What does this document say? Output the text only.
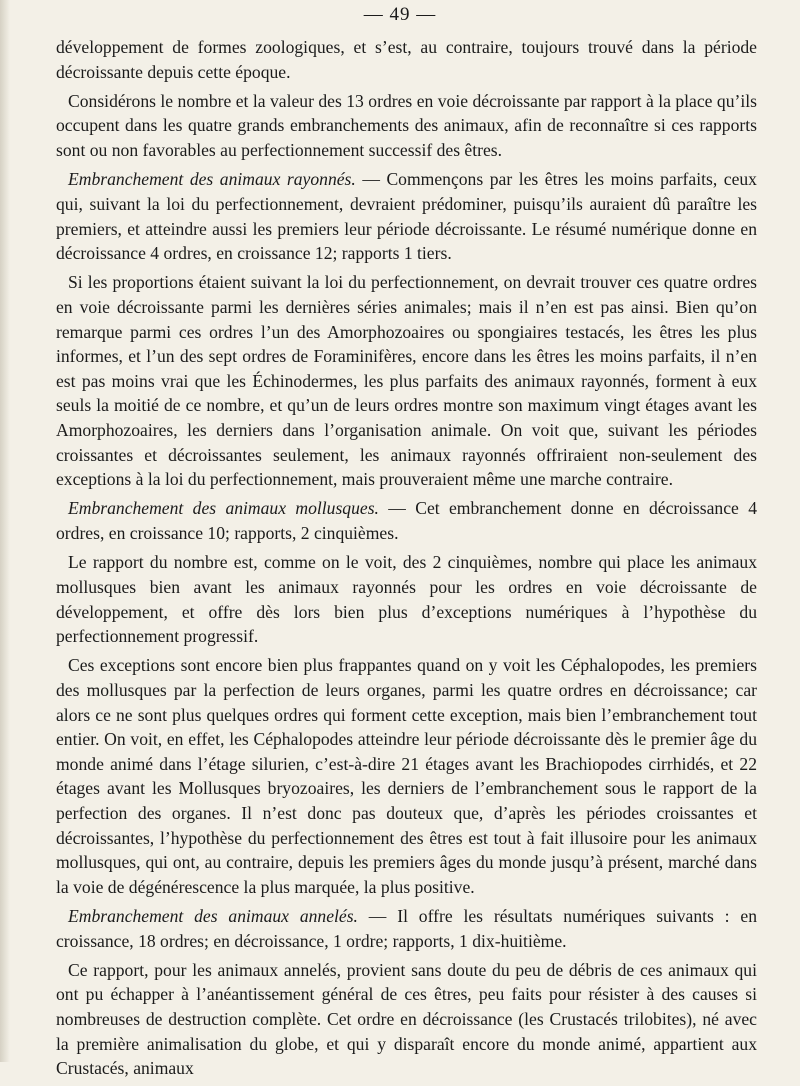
— 49 —

développement de formes zoologiques, et s’est, au contraire, toujours trouvé dans la période décroissante depuis cette époque.

Considérons le nombre et la valeur des 13 ordres en voie décroissante par rapport à la place qu’ils occupent dans les quatre grands embranchements des animaux, afin de reconnaître si ces rapports sont ou non favorables au perfectionnement successif des êtres.

Embranchement des animaux rayonnés. — Commençons par les êtres les moins parfaits, ceux qui, suivant la loi du perfectionnement, devraient prédominer, puisqu’ils auraient dû paraître les premiers, et atteindre aussi les premiers leur période décroissante. Le résumé numérique donne en décroissance 4 ordres, en croissance 12; rapports 1 tiers.

Si les proportions étaient suivant la loi du perfectionnement, on devrait trouver ces quatre ordres en voie décroissante parmi les dernières séries animales; mais il n’en est pas ainsi. Bien qu’on remarque parmi ces ordres l’un des Amorphozoaires ou spongiaires testacés, les êtres les plus informes, et l’un des sept ordres de Foraminifères, encore dans les êtres les moins parfaits, il n’en est pas moins vrai que les Échinodermes, les plus parfaits des animaux rayonnés, forment à eux seuls la moitié de ce nombre, et qu’un de leurs ordres montre son maximum vingt étages avant les Amorphozoaires, les derniers dans l’organisation animale. On voit que, suivant les périodes croissantes et décroissantes seulement, les animaux rayonnés offriraient non-seulement des exceptions à la loi du perfectionnement, mais prouveraient même une marche contraire.

Embranchement des animaux mollusques. — Cet embranchement donne en décroissance 4 ordres, en croissance 10; rapports, 2 cinquièmes.

Le rapport du nombre est, comme on le voit, des 2 cinquièmes, nombre qui place les animaux mollusques bien avant les animaux rayonnés pour les ordres en voie décroissante de développement, et offre dès lors bien plus d’exceptions numériques à l’hypothèse du perfectionnement progressif.

Ces exceptions sont encore bien plus frappantes quand on y voit les Céphalopodes, les premiers des mollusques par la perfection de leurs organes, parmi les quatre ordres en décroissance; car alors ce ne sont plus quelques ordres qui forment cette exception, mais bien l’embranchement tout entier. On voit, en effet, les Céphalopodes atteindre leur période décroissante dès le premier âge du monde animé dans l’étage silurien, c’est-à-dire 21 étages avant les Brachiopodes cirrhidés, et 22 étages avant les Mollusques bryozoaires, les derniers de l’embranchement sous le rapport de la perfection des organes. Il n’est donc pas douteux que, d’après les périodes croissantes et décroissantes, l’hypothèse du perfectionnement des êtres est tout à fait illusoire pour les animaux mollusques, qui ont, au contraire, depuis les premiers âges du monde jusqu’à présent, marché dans la voie de dégénérescence la plus marquée, la plus positive.

Embranchement des animaux annelés. — Il offre les résultats numériques suivants : en croissance, 18 ordres; en décroissance, 1 ordre; rapports, 1 dix-huitième.

Ce rapport, pour les animaux annelés, provient sans doute du peu de débris de ces animaux qui ont pu échapper à l’anéantissement général de ces êtres, peu faits pour résister à des causes si nombreuses de destruction complète. Cet ordre en décroissance (les Crustacés trilobites), né avec la première animalisation du globe, et qui y disparaît encore du monde animé, appartient aux Crustacés, animaux
